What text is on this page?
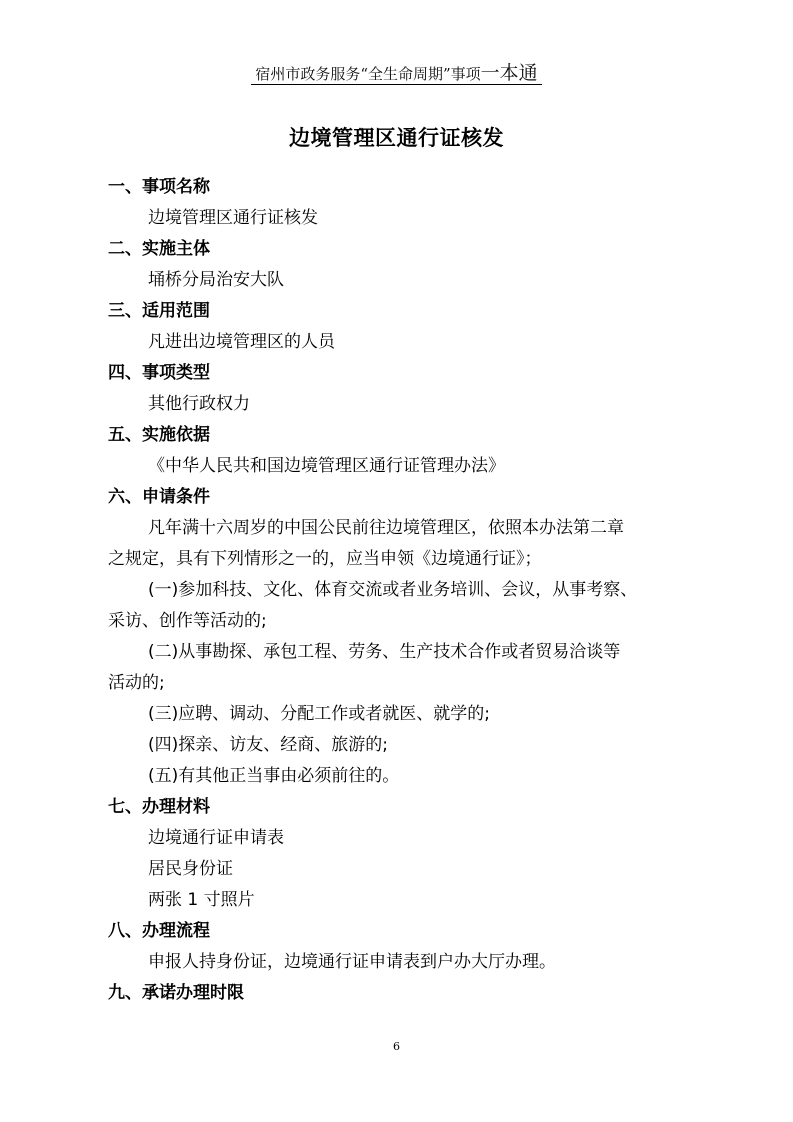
宿州市政务服务“全生命周期”事项一本通
边境管理区通行证核发
一、事项名称
边境管理区通行证核发
二、实施主体
埇桥分局治安大队
三、适用范围
凡进出边境管理区的人员
四、事项类型
其他行政权力
五、实施依据
《中华人民共和国边境管理区通行证管理办法》
六、申请条件
凡年满十六周岁的中国公民前往边境管理区，依照本办法第二章
之规定，具有下列情形之一的，应当申领《边境通行证》；
(一)参加科技、文化、体育交流或者业务培训、会议，从事考察、
采访、创作等活动的;
(二)从事勘探、承包工程、劳务、生产技术合作或者贸易洽谈等
活动的;
(三)应聘、调动、分配工作或者就医、就学的;
(四)探亲、访友、经商、旅游的;
(五)有其他正当事由必须前往的。
七、办理材料
边境通行证申请表
居民身份证
两张 1 寸照片
八、办理流程
申报人持身份证，边境通行证申请表到户办大厅办理。
九、承诺办理时限
6
